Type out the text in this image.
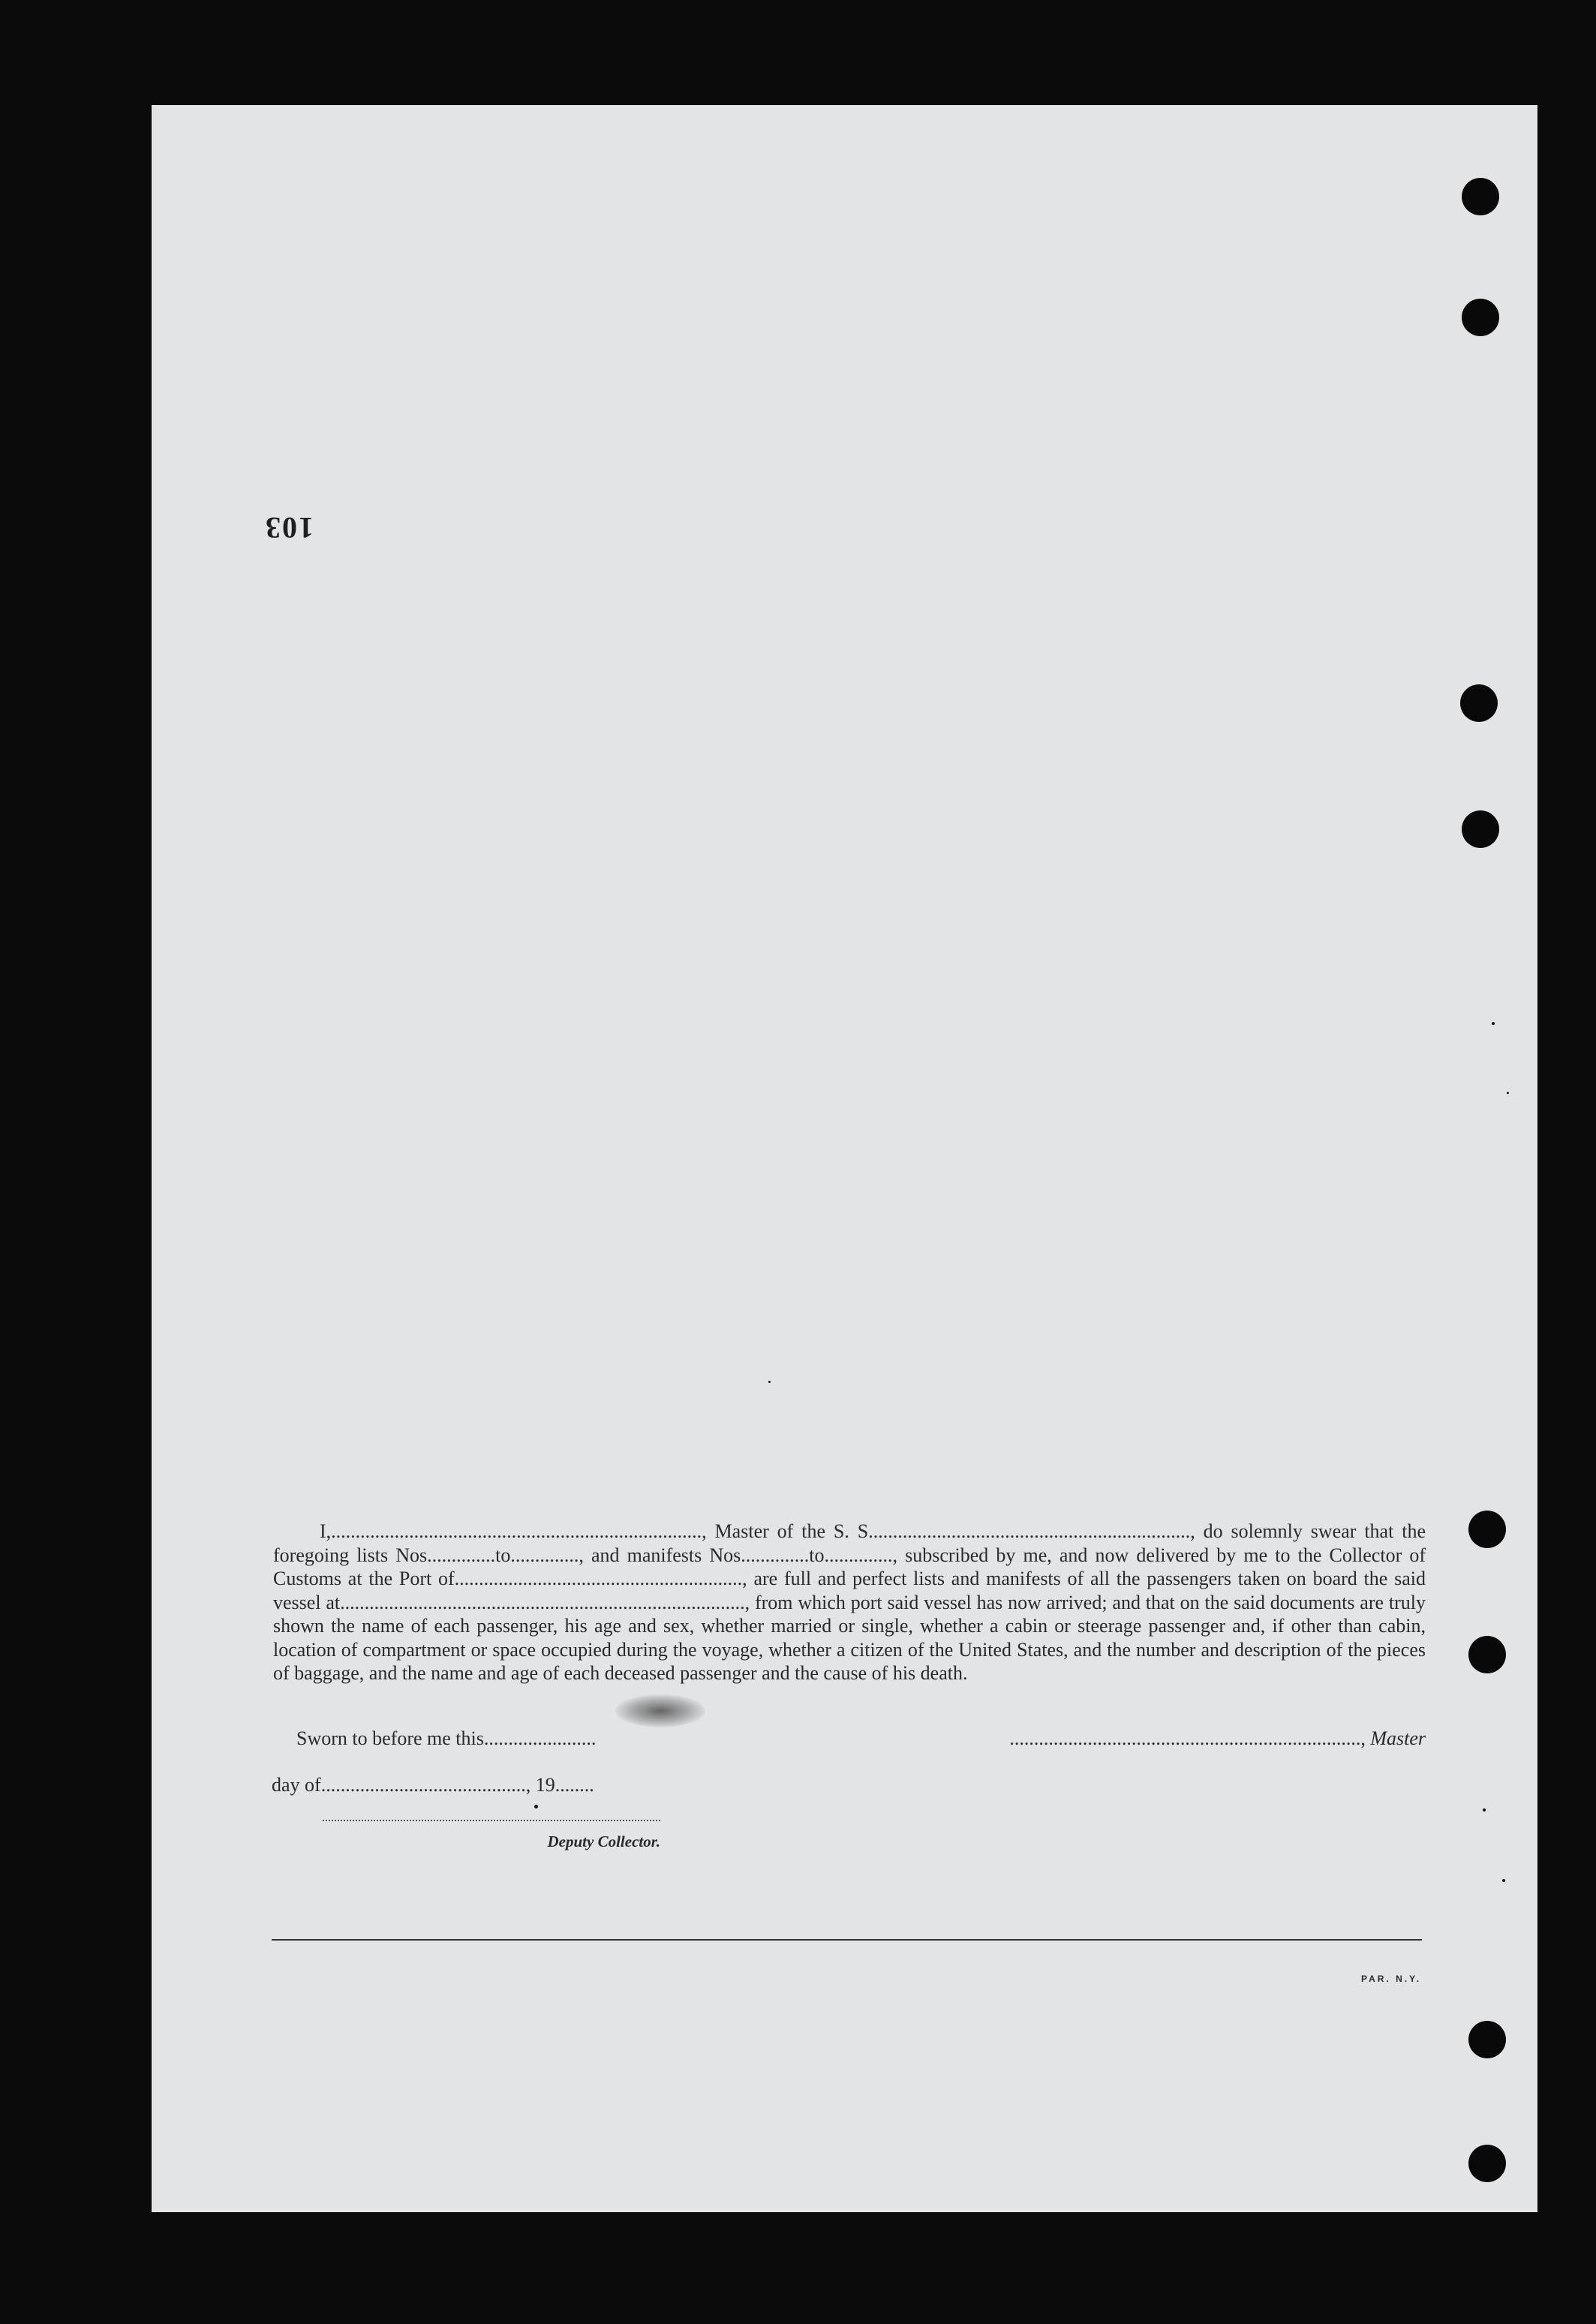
103

I,............................................................................, Master of the S. S.................................................................., do solemnly swear that the foregoing lists Nos..............to.............., and manifests Nos..............to.............., subscribed by me, and now delivered by me to the Collector of Customs at the Port of..........................................................., are full and perfect lists and manifests of all the passengers taken on board the said vessel at..................................................................................., from which port said vessel has now arrived; and that on the said documents are truly shown the name of each passenger, his age and sex, whether married or single, whether a cabin or steerage passenger and, if other than cabin, location of compartment or space occupied during the voyage, whether a citizen of the United States, and the number and description of the pieces of baggage, and the name and age of each deceased passenger and the cause of his death.

Sworn to before me this.......................	........................................................................, Master
day of.........................................., 19........
Deputy Collector.
PAR. N.Y.
